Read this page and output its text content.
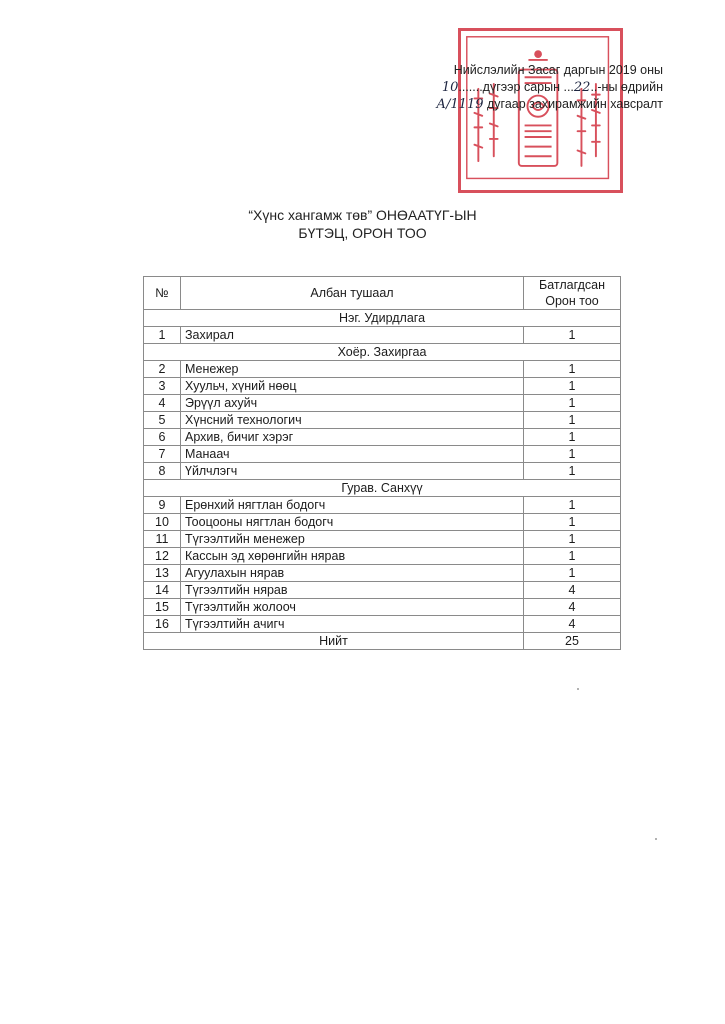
Нийслэлийн Засаг даргын 2019 оны
10.......дүгээр сарын ...22..-ны өдрийн
А/1119 дугаар захирамжийн хавсралт
“Хүнс хангамж төв” ОНӨААТҮГ-ЫН
БҮТЭЦ, ОРОН ТОО
№	Албан тушаал	Батлагдсан
Орон тоо

Нэг. Удирдлага		
1	Захирал	1
Хоёр. Захиргаа		
2	Менежер	1
3	Хуульч, хүний нөөц	1
4	Эрүүл ахуйч	1
5	Хүнсний технологич	1
6	Архив, бичиг хэрэг	1
7	Манаач	1
8	Үйлчлэгч	1
Гурав. Санхүү		
9	Ерөнхий нягтлан бодогч	1
10	Тооцооны нягтлан бодогч	1
11	Түгээлтийн менежер	1
12	Кассын эд хөрөнгийн нярав	1
13	Агуулахын нярав	1
14	Түгээлтийн нярав	4
15	Түгээлтийн жолооч	4
16	Түгээлтийн ачигч	4
Нийт		25
